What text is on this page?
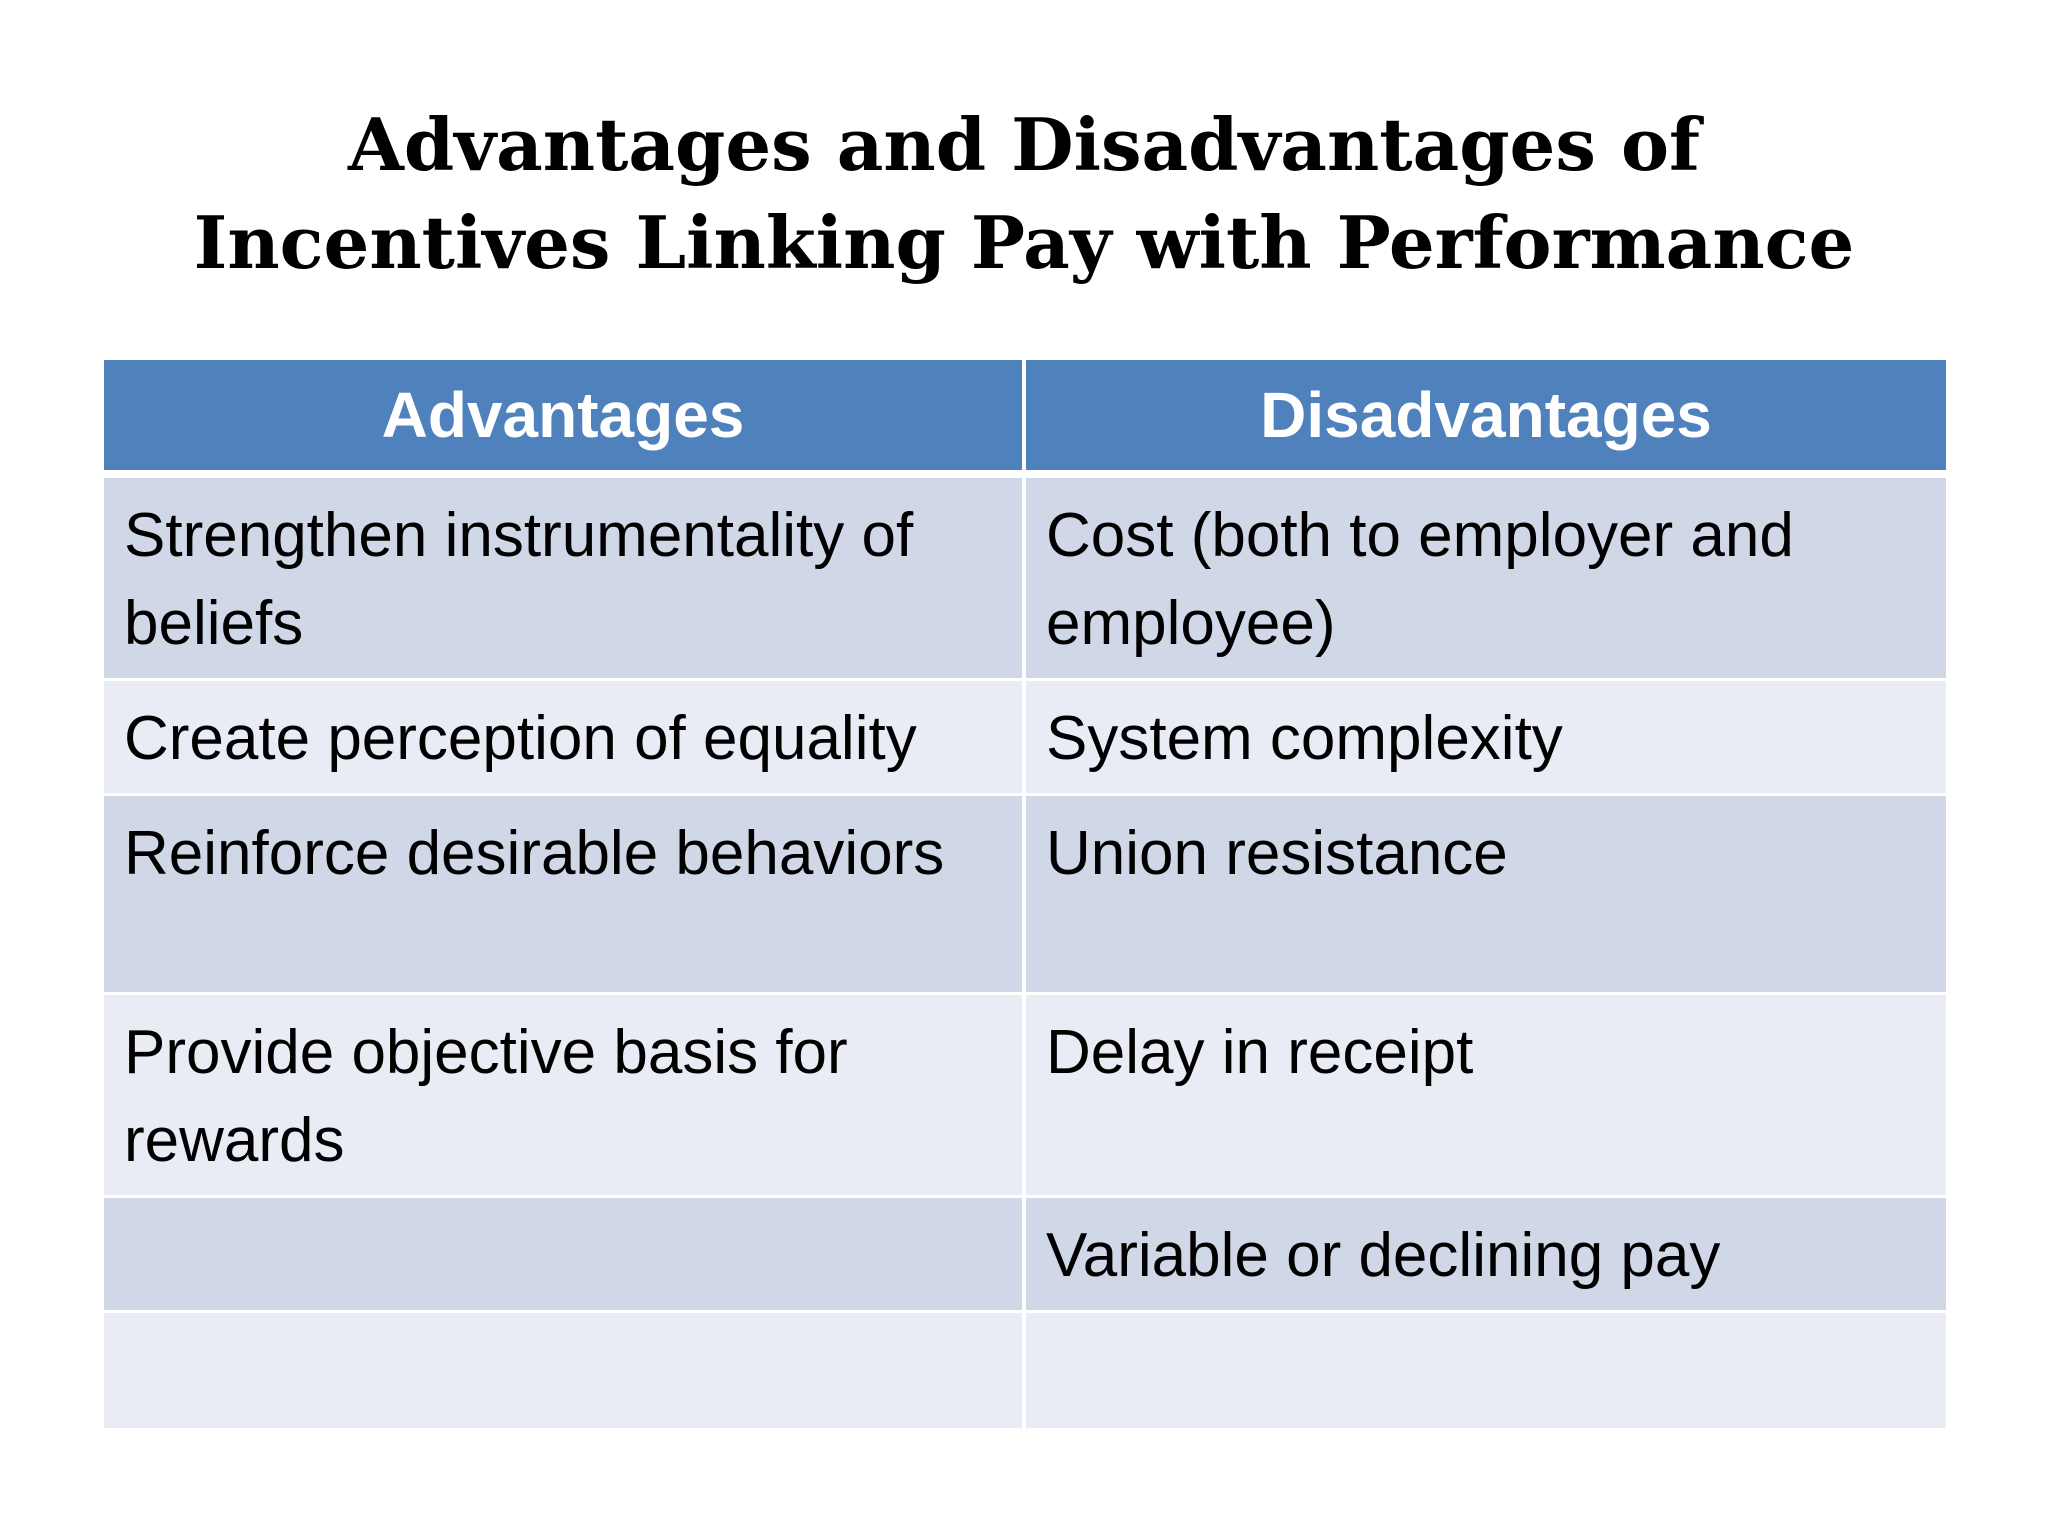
Advantages and Disadvantages of
Incentives Linking Pay with Performance
Advantages	Disadvantages
Strengthen instrumentality of beliefs	Cost (both to employer and employee)
Create perception of equality	System complexity
Reinforce desirable behaviors	Union resistance
Provide objective basis for rewards	Delay in receipt
	Variable or declining pay
